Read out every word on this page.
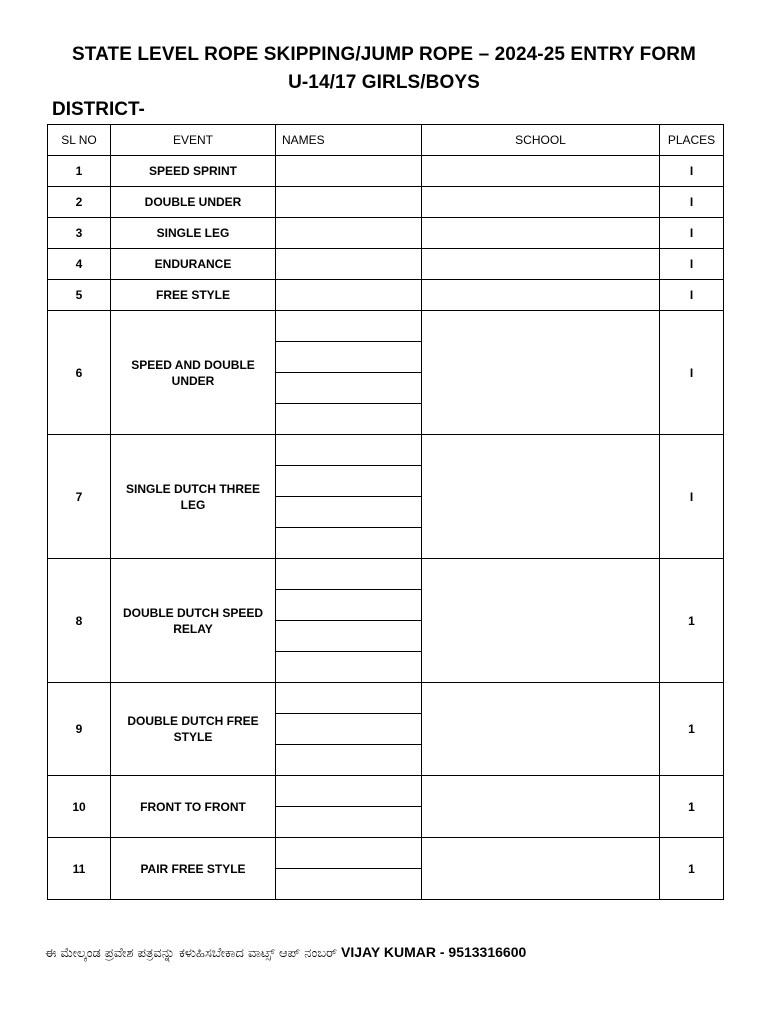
STATE LEVEL ROPE SKIPPING/JUMP ROPE – 2024-25 ENTRY FORM
U-14/17 GIRLS/BOYS
DISTRICT-
SL NO	EVENT	NAMES	SCHOOL	PLACES
1	SPEED SPRINT			I
2	DOUBLE UNDER			I
3	SINGLE LEG			I
4	ENDURANCE			I
5	FREE STYLE			I
6	SPEED AND DOUBLE UNDER			I

7	SINGLE DUTCH THREE LEG			I

8	DOUBLE DUTCH SPEED RELAY			1

9	DOUBLE DUTCH FREE STYLE			1

10	FRONT TO FRONT			1

11	PAIR FREE STYLE			1

ಈ ಮೇಲ್ಕಂಡ ಪ್ರವೇಶ ಪತ್ರವನ್ನು ಕಳುಹಿಸಬೇಕಾದ ವಾಟ್ಸ್ ಆಪ್ ನಂಬರ್ VIJAY KUMAR - 9513316600
